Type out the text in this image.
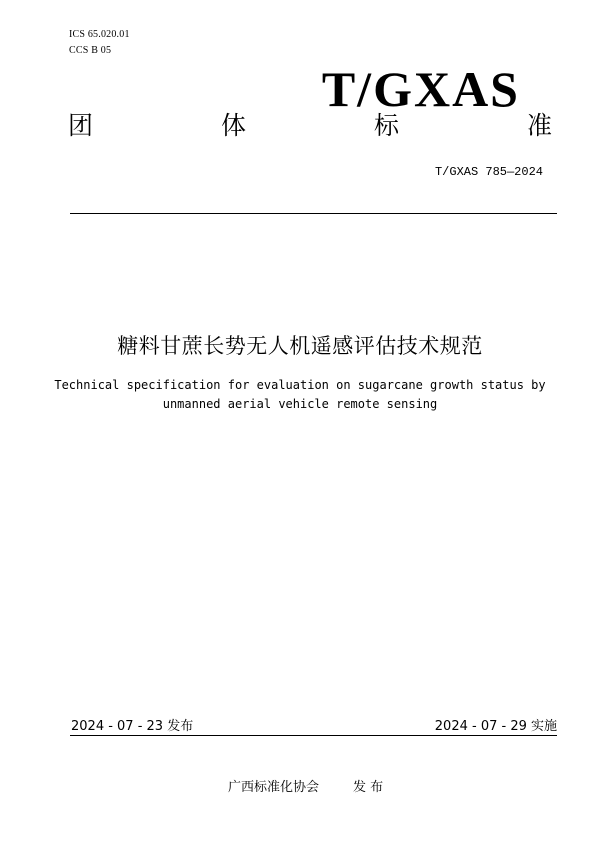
ICS 65.020.01
CCS B 05
T/GXAS
团	体	标	准
T/GXAS 785—2024
糖料甘蔗长势无人机遥感评估技术规范
Technical specification for evaluation on sugarcane growth status by
unmanned aerial vehicle remote sensing
2024 - 07 - 23 发布	2024 - 07 - 29 实施
广西标准化协会	发 布
